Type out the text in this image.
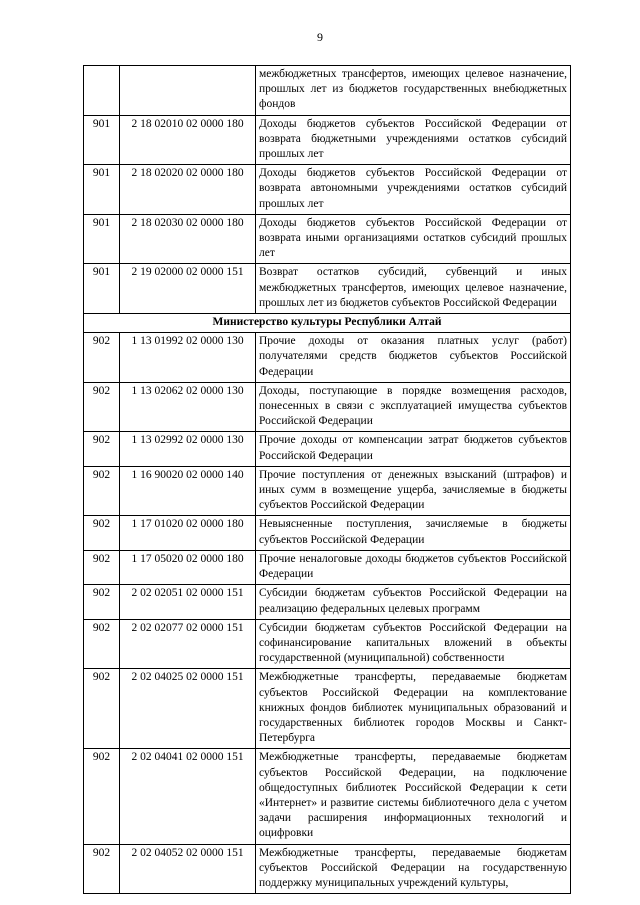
9
		межбюджетных трансфертов, имеющих целевое назначение, прошлых лет из бюджетов государственных внебюджетных фондов
901	2 18 02010 02 0000 180	Доходы бюджетов субъектов Российской Федерации от возврата бюджетными учреждениями остатков субсидий прошлых лет
901	2 18 02020 02 0000 180	Доходы бюджетов субъектов Российской Федерации от возврата автономными учреждениями остатков субсидий прошлых лет
901	2 18 02030 02 0000 180	Доходы бюджетов субъектов Российской Федерации от возврата иными организациями остатков субсидий прошлых лет
901	2 19 02000 02 0000 151	Возврат остатков субсидий, субвенций и иных межбюджетных трансфертов, имеющих целевое назначение, прошлых лет из бюджетов субъектов Российской Федерации
Министерство культуры Республики Алтай		
902	1 13 01992 02 0000 130	Прочие доходы от оказания платных услуг (работ) получателями средств бюджетов субъектов Российской Федерации
902	1 13 02062 02 0000 130	Доходы, поступающие в порядке возмещения расходов, понесенных в связи с эксплуатацией имущества субъектов Российской Федерации
902	1 13 02992 02 0000 130	Прочие доходы от компенсации затрат бюджетов субъектов Российской Федерации
902	1 16 90020 02 0000 140	Прочие поступления от денежных взысканий (штрафов) и иных сумм в возмещение ущерба, зачисляемые в бюджеты субъектов Российской Федерации
902	1 17 01020 02 0000 180	Невыясненные поступления, зачисляемые в бюджеты субъектов Российской Федерации
902	1 17 05020 02 0000 180	Прочие неналоговые доходы бюджетов субъектов Российской Федерации
902	2 02 02051 02 0000 151	Субсидии бюджетам субъектов Российской Федерации на реализацию федеральных целевых программ
902	2 02 02077 02 0000 151	Субсидии бюджетам субъектов Российской Федерации на софинансирование капитальных вложений в объекты государственной (муниципальной) собственности
902	2 02 04025 02 0000 151	Межбюджетные трансферты, передаваемые бюджетам субъектов Российской Федерации на комплектование книжных фондов библиотек муниципальных образований и государственных библиотек городов Москвы и Санкт-Петербурга
902	2 02 04041 02 0000 151	Межбюджетные трансферты, передаваемые бюджетам субъектов Российской Федерации, на подключение общедоступных библиотек Российской Федерации к сети «Интернет» и развитие системы библиотечного дела с учетом задачи расширения информационных технологий и оцифровки
902	2 02 04052 02 0000 151	Межбюджетные трансферты, передаваемые бюджетам субъектов Российской Федерации на государственную поддержку муниципальных учреждений культуры,
